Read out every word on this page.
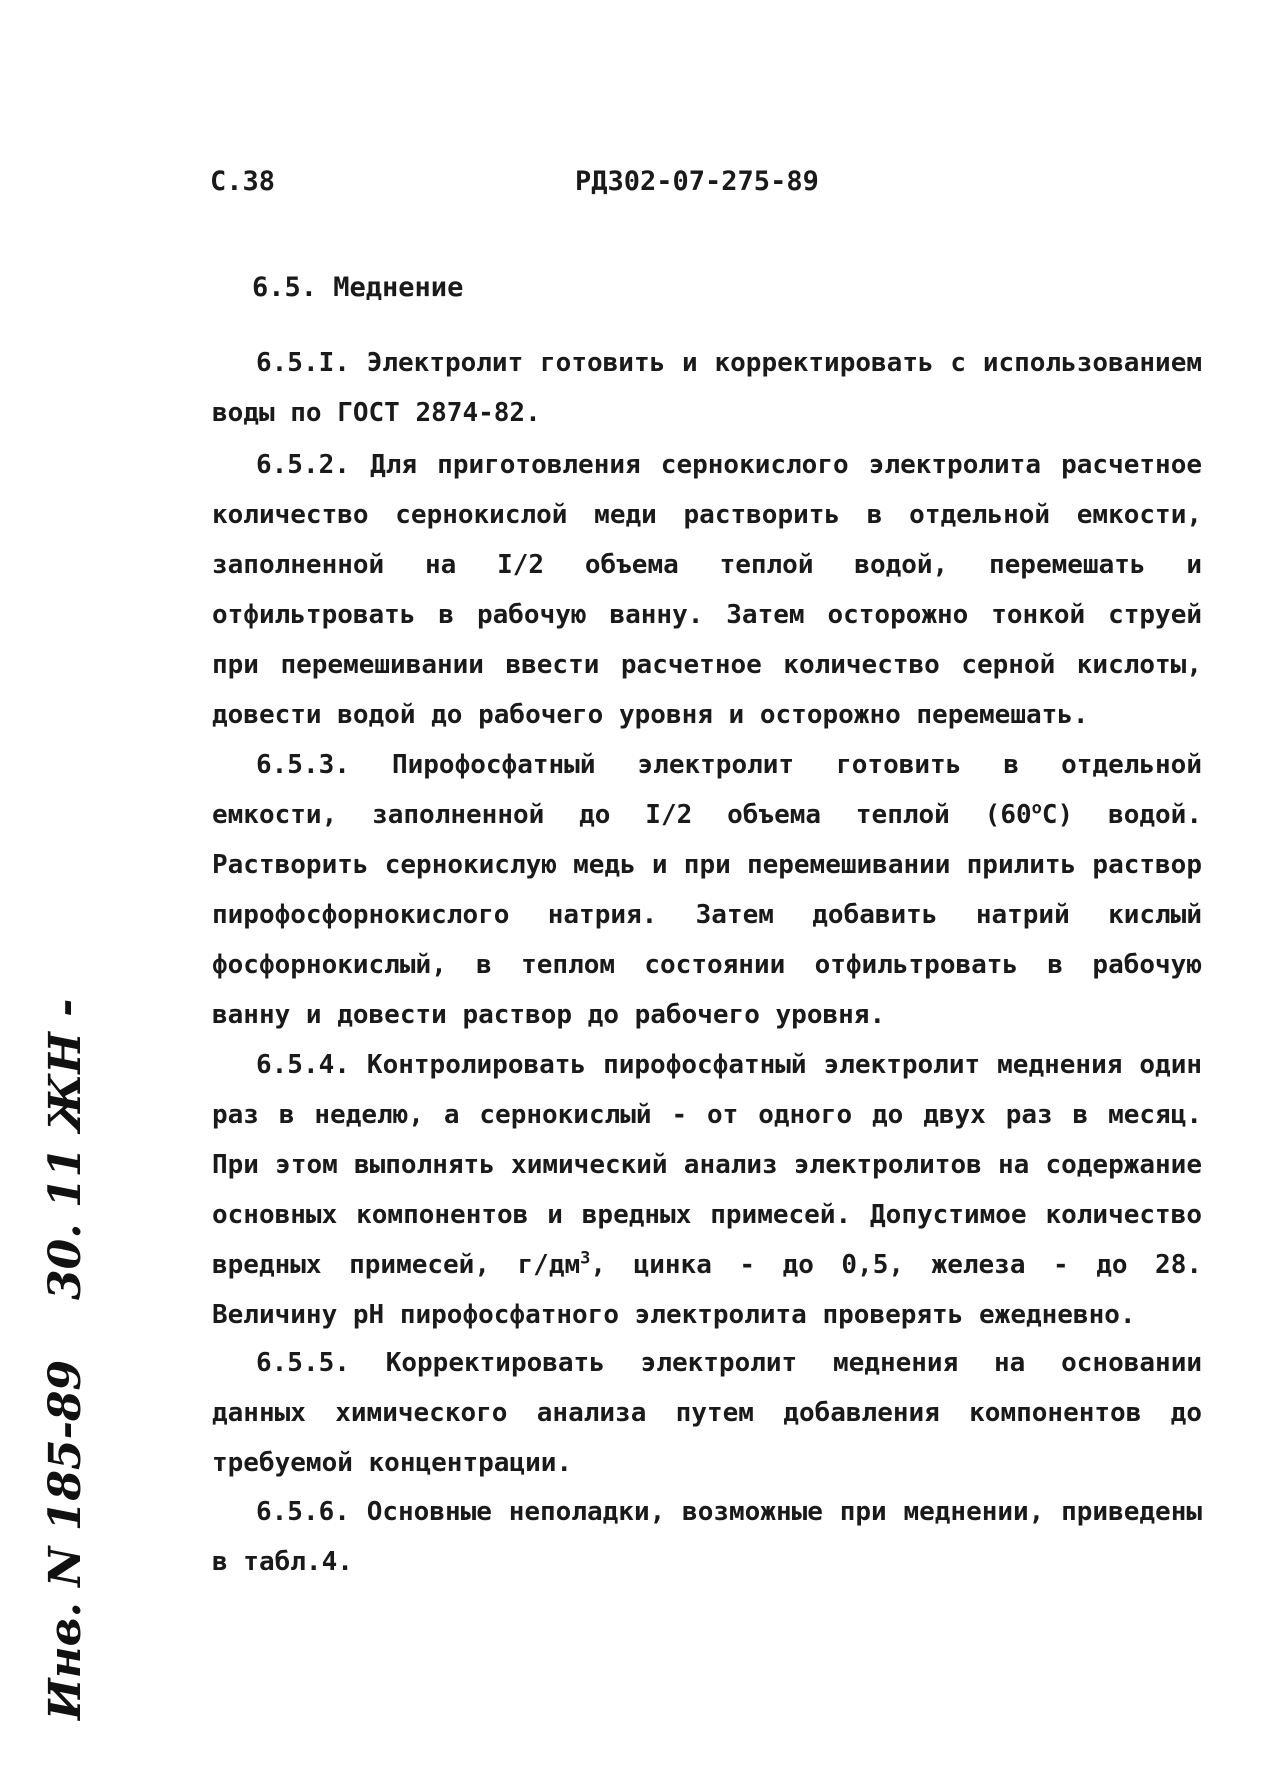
С.38	РД302-07-275-89
6.5. Меднение

6.5.I. Электролит готовить и корректировать с использованием воды по ГОСТ 2874-82.

6.5.2. Для приготовления сернокислого электролита расчетное количество сернокислой меди растворить в отдельной емкости, заполненной на I/2 объема теплой водой, перемешать и отфильтровать в рабочую ванну. Затем осторожно тонкой струей при перемешивании ввести расчетное количество серной кислоты, довести водой до рабочего уровня и осторожно перемешать.

6.5.3. Пирофосфатный электролит готовить в отдельной емкости, заполненной до I/2 объема теплой $(60^оС)$ водой. Растворить сернокислую медь и при перемешивании прилить раствор пирофосфорнокислого натрия. Затем добавить натрий кислый фосфорнокислый, в теплом состоянии отфильтровать в рабочую ванну и довести раствор до рабочего уровня.

6.5.4. Контролировать пирофосфатный электролит меднения один раз в неделю, а сернокислый - от одного до двух раз в месяц. При этом выполнять химический анализ электролитов на содержание основных компонентов и вредных примесей. Допустимое количество вредных примесей, $г/дм^3$, цинка - до 0,5, железа - до 28. Величину pH пирофосфатного электролита проверять ежедневно.

6.5.5. Корректировать электролит меднения на основании данных химического анализа путем добавления компонентов до требуемой концентрации.

6.5.6. Основные неполадки, возможные при меднении, приведены в табл.4.

Инв. N 185-8930. 11 ЖН -
